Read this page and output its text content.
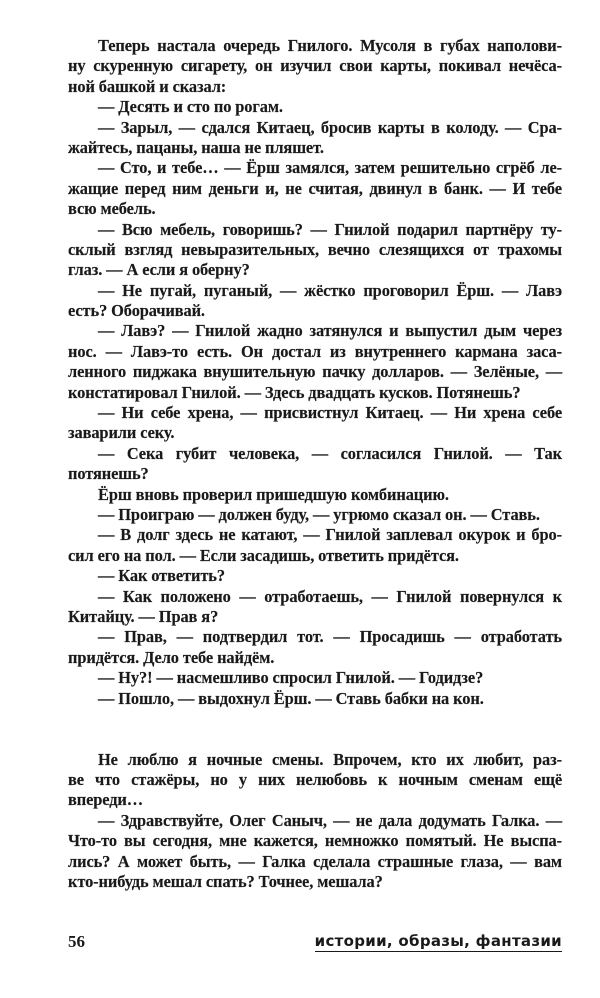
Теперь настала очередь Гнилого. Мусоля в губах наполови-
ну скуренную сигарету, он изучил свои карты, покивал нечёса-
ной башкой и сказал:
— Десять и сто по рогам.
— Зарыл, — сдался Китаец, бросив карты в колоду. — Сра-
жайтесь, пацаны, наша не пляшет.
— Сто, и тебе… — Ёрш замялся, затем решительно сгрёб ле-
жащие перед ним деньги и, не считая, двинул в банк. — И тебе
всю мебель.
— Всю мебель, говоришь? — Гнилой подарил партнёру ту-
склый взгляд невыразительных, вечно слезящихся от трахомы
глаз. — А если я оберну?
— Не пугай, пуганый, — жёстко проговорил Ёрш. — Лавэ
есть? Оборачивай.
— Лавэ? — Гнилой жадно затянулся и выпустил дым через
нос. — Лавэ-то есть. Он достал из внутреннего кармана заса-
ленного пиджака внушительную пачку долларов. — Зелёные, —
констатировал Гнилой. — Здесь двадцать кусков. Потянешь?
— Ни себе хрена, — присвистнул Китаец. — Ни хрена себе
заварили секу.
— Сека губит человека, — согласился Гнилой. — Так
потянешь?
Ёрш вновь проверил пришедшую комбинацию.
— Проиграю — должен буду, — угрюмо сказал он. — Ставь.
— В долг здесь не катают, — Гнилой заплевал окурок и бро-
сил его на пол. — Если засадишь, ответить придётся.
— Как ответить?
— Как положено — отработаешь, — Гнилой повернулся к
Китайцу. — Прав я?
— Прав, — подтвердил тот. — Просадишь — отработать
придётся. Дело тебе найдём.
— Ну?! — насмешливо спросил Гнилой. — Годидзе?
— Пошло, — выдохнул Ёрш. — Ставь бабки на кон.
Не люблю я ночные смены. Впрочем, кто их любит, раз-
ве что стажёры, но у них нелюбовь к ночным сменам ещё
впереди…
— Здравствуйте, Олег Саныч, — не дала додумать Галка. —
Что-то вы сегодня, мне кажется, немножко помятый. Не выспа-
лись? А может быть, — Галка сделала страшные глаза, — вам
кто-нибудь мешал спать? Точнее, мешала?
56	истории, образы, фантазии
